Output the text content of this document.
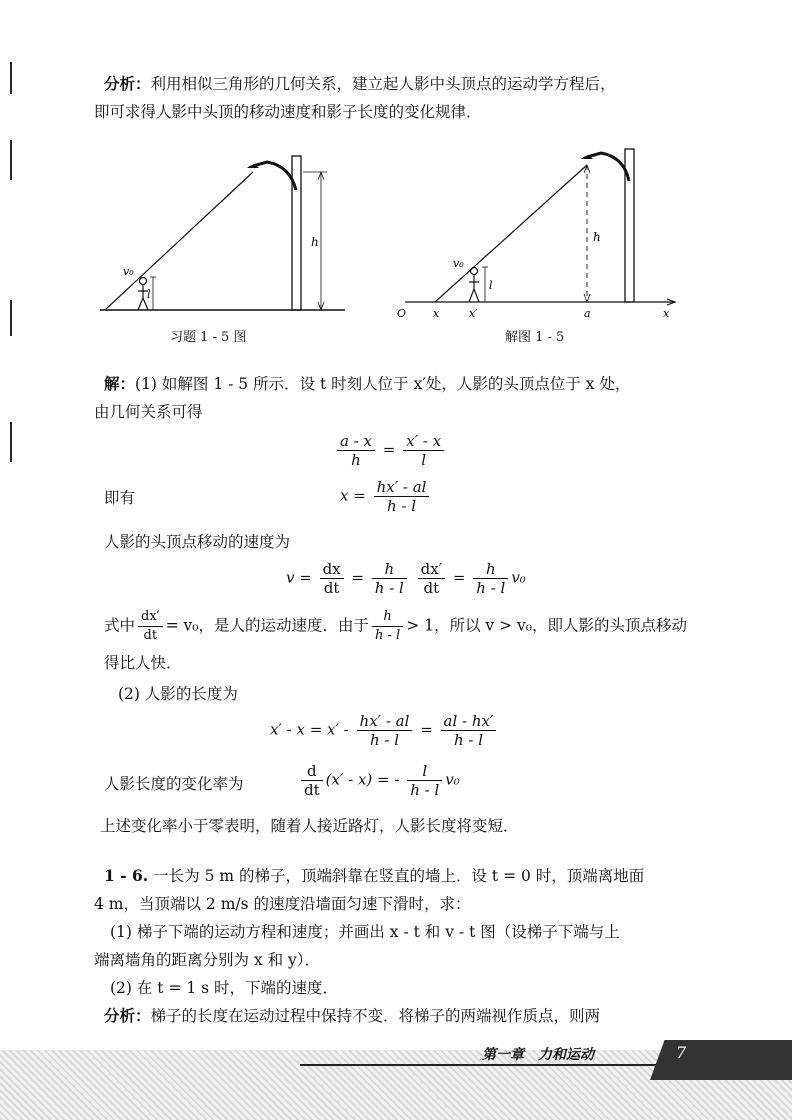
分析：利用相似三角形的几何关系，建立起人影中头顶点的运动学方程后，
即可求得人影中头顶的移动速度和影子长度的变化规律．
l
v₀
h
习题 1 - 5 图
h
l
v₀
O x	x′	a	x
解图 1 - 5
解：(1) 如解图 1 - 5 所示．设 t 时刻人位于 x′处，人影的头顶点位于 x 处，
由几何关系可得
$\frac{a - x}{h} = \frac{x' - x}{l}$
即有	$x = \frac{hx' - al}{h - l}$
人影的头顶点移动的速度为
$v = \frac{dx}{dt} = \frac{h}{h - l}$
$\frac{dx'}{dt} = \frac{h}{h - l} v_0$
式中 $\frac{dx'}{dt} = v_0$，是人的运动速度．由于 $\frac{h}{h - l} > 1$，所以 v > v₀，即人影的头顶点移动
得比人快．
(2) 人影的长度为
$x' - x = x' - \frac{hx' - al}{h - l} = \frac{al - hx'}{h - l}$
人影长度的变化率为	$\frac{d}{dt} (x' - x)$ = - $\frac{l}{h - l} v_0$
上述变化率小于零表明，随着人接近路灯，人影长度将变短．
1 - 6. 一长为 5 m 的梯子，顶端斜靠在竖直的墙上．设 t = 0 时，顶端离地面
4 m，当顶端以 2 m/s 的速度沿墙面匀速下滑时，求：
(1) 梯子下端的运动方程和速度；并画出 x - t 和 v - t 图（设梯子下端与上
端离墙角的距离分别为 x 和 y）．
(2) 在 t = 1 s 时，下端的速度．
分析：梯子的长度在运动过程中保持不变．将梯子的两端视作质点，则两
第一章　力和运动	7
